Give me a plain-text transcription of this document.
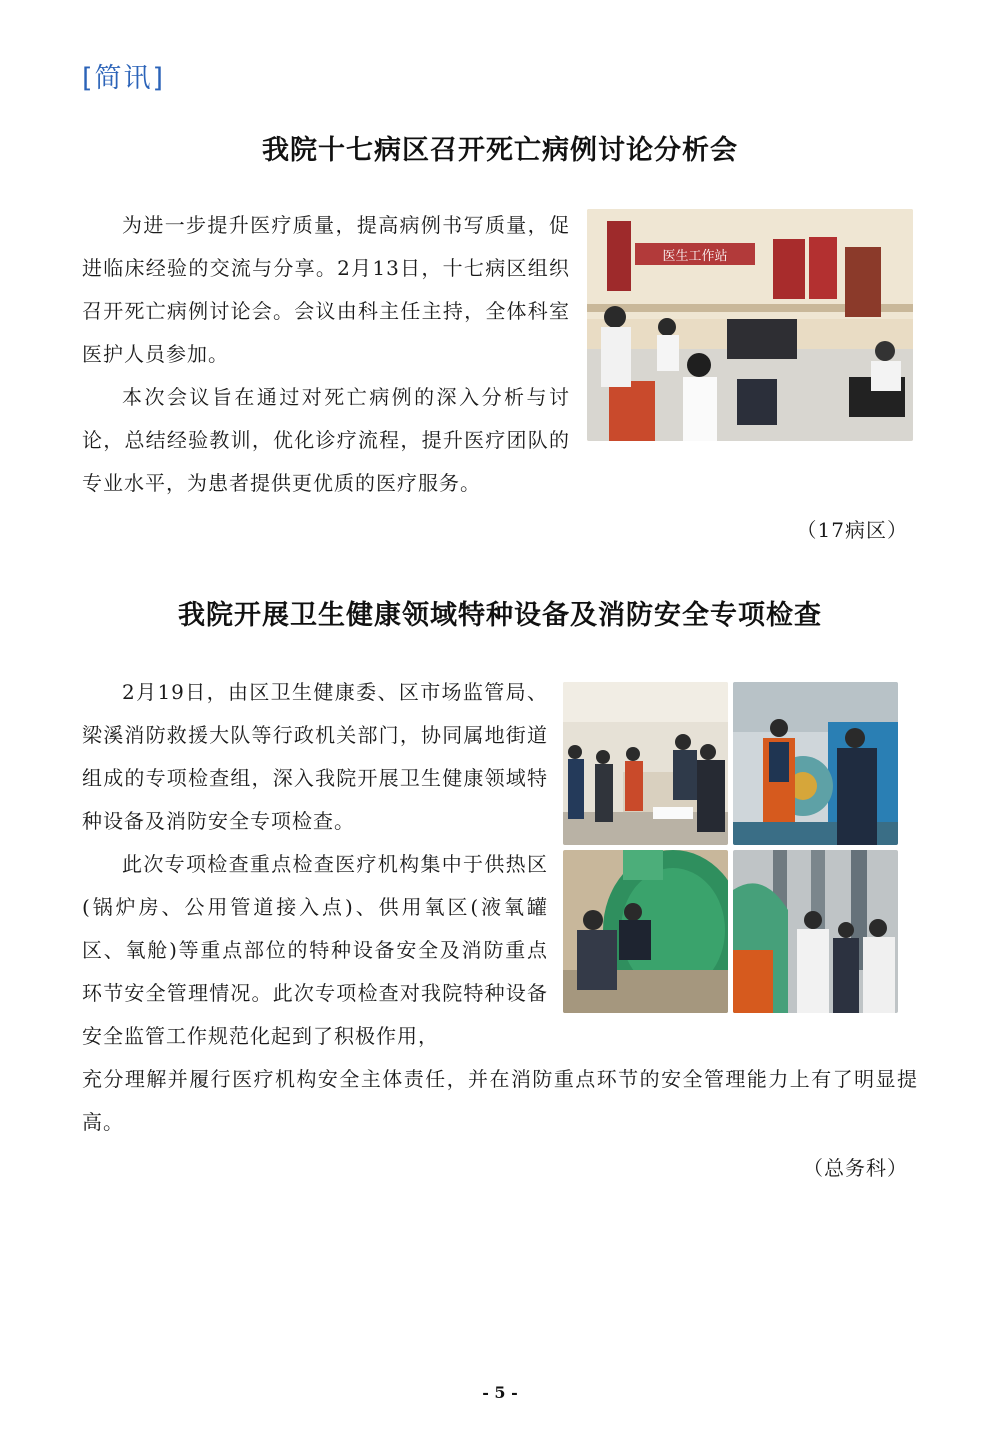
[简讯]
我院十七病区召开死亡病例讨论分析会

为进一步提升医疗质量，提高病例书写质量，促进临床经验的交流与分享。2月13日，十七病区组织召开死亡病例讨论会。会议由科主任主持，全体科室医护人员参加。

本次会议旨在通过对死亡病例的深入分析与讨论，总结经验教训，优化诊疗流程，提升医疗团队的专业水平，为患者提供更优质的医疗服务。

医生工作站
（17病区）
我院开展卫生健康领域特种设备及消防安全专项检查

2月19日，由区卫生健康委、区市场监管局、梁溪消防救援大队等行政机关部门，协同属地街道组成的专项检查组，深入我院开展卫生健康领域特种设备及消防安全专项检查。

此次专项检查重点检查医疗机构集中于供热区(锅炉房、公用管道接入点)、供用氧区(液氧罐区、氧舱)等重点部位的特种设备安全及消防重点环节安全管理情况。此次专项检查对我院特种设备安全监管工作规范化起到了积极作用，

充分理解并履行医疗机构安全主体责任，并在消防重点环节的安全管理能力上有了明显提高。

（总务科）
- 5 -
